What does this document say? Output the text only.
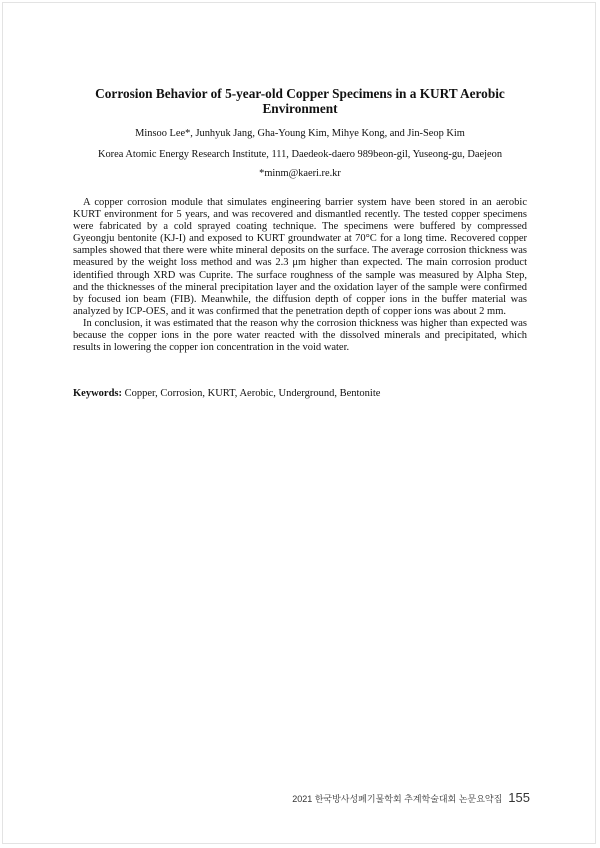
Corrosion Behavior of 5-year-old Copper Specimens in a KURT Aerobic Environment
Minsoo Lee*, Junhyuk Jang, Gha-Young Kim, Mihye Kong, and Jin-Seop Kim
Korea Atomic Energy Research Institute, 111, Daedeok-daero 989beon-gil, Yuseong-gu, Daejeon
*minm@kaeri.re.kr

A copper corrosion module that simulates engineering barrier system have been stored in an aerobic KURT environment for 5 years, and was recovered and dismantled recently. The tested copper specimens were fabricated by a cold sprayed coating technique. The specimens were buffered by compressed Gyeongju bentonite (KJ-I) and exposed to KURT groundwater at 70°C for a long time. Recovered copper samples showed that there were white mineral deposits on the surface. The average corrosion thickness was measured by the weight loss method and was 2.3 μm higher than expected. The main corrosion product identified through XRD was Cuprite. The surface roughness of the sample was measured by Alpha Step, and the thicknesses of the mineral precipitation layer and the oxidation layer of the sample were confirmed by focused ion beam (FIB). Meanwhile, the diffusion depth of copper ions in the buffer material was analyzed by ICP-OES, and it was confirmed that the penetration depth of copper ions was about 2 mm.

In conclusion, it was estimated that the reason why the corrosion thickness was higher than expected was because the copper ions in the pore water reacted with the dissolved minerals and precipitated, which results in lowering the copper ion concentration in the void water.

Keywords: Copper, Corrosion, KURT, Aerobic, Underground, Bentonite
2021 한국방사성폐기물학회 추계학술대회 논문요약집 155
